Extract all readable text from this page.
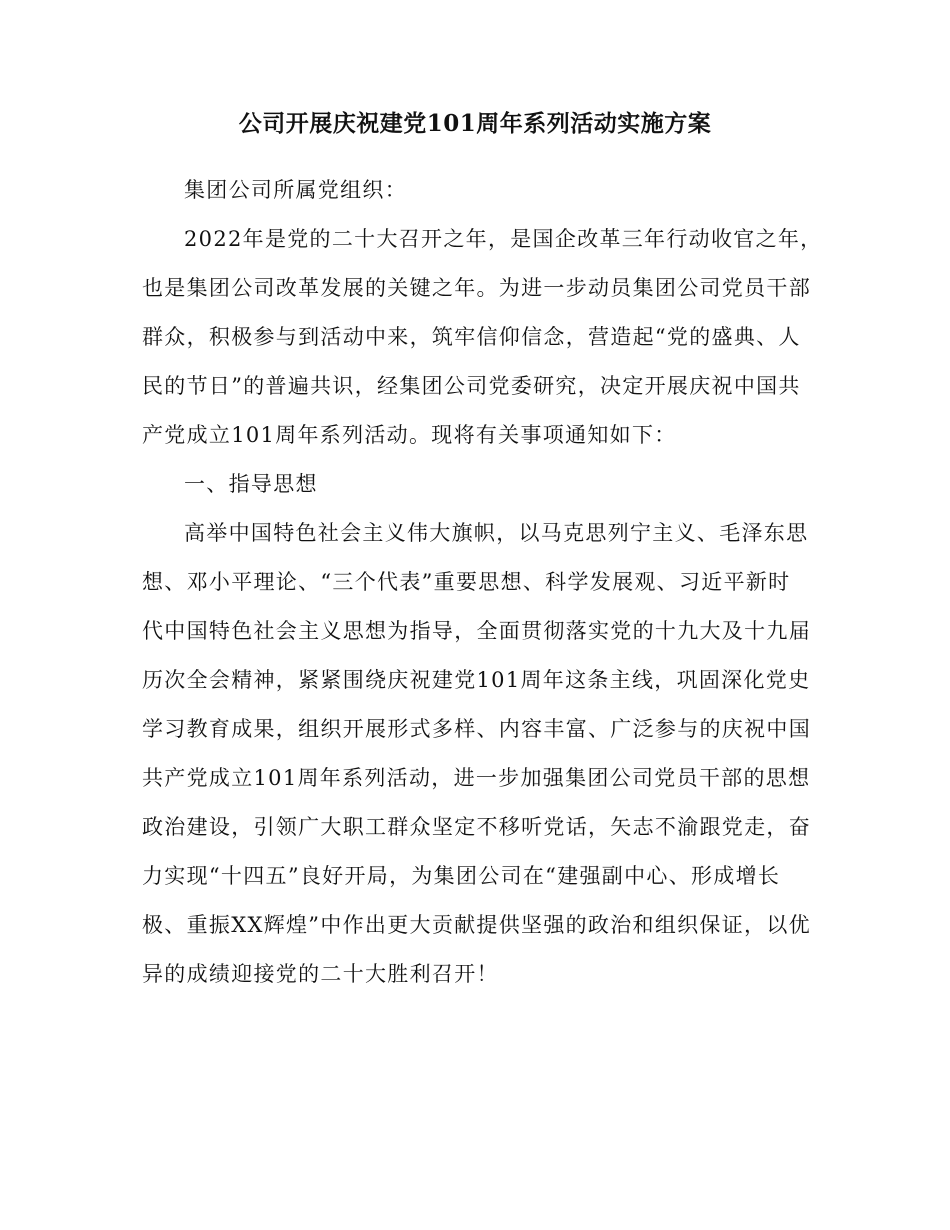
公司开展庆祝建党101周年系列活动实施方案
集团公司所属党组织：
2022年是党的二十大召开之年，是国企改革三年行动收官之年，
也是集团公司改革发展的关键之年。为进一步动员集团公司党员干部
群众，积极参与到活动中来，筑牢信仰信念，营造起“党的盛典、人
民的节日”的普遍共识，经集团公司党委研究，决定开展庆祝中国共
产党成立101周年系列活动。现将有关事项通知如下：
一、指导思想
高举中国特色社会主义伟大旗帜，以马克思列宁主义、毛泽东思
想、邓小平理论、“三个代表”重要思想、科学发展观、习近平新时
代中国特色社会主义思想为指导，全面贯彻落实党的十九大及十九届
历次全会精神，紧紧围绕庆祝建党101周年这条主线，巩固深化党史
学习教育成果，组织开展形式多样、内容丰富、广泛参与的庆祝中国
共产党成立101周年系列活动，进一步加强集团公司党员干部的思想
政治建设，引领广大职工群众坚定不移听党话，矢志不渝跟党走，奋
力实现“十四五”良好开局，为集团公司在“建强副中心、形成增长
极、重振XX辉煌”中作出更大贡献提供坚强的政治和组织保证，以优
异的成绩迎接党的二十大胜利召开！
